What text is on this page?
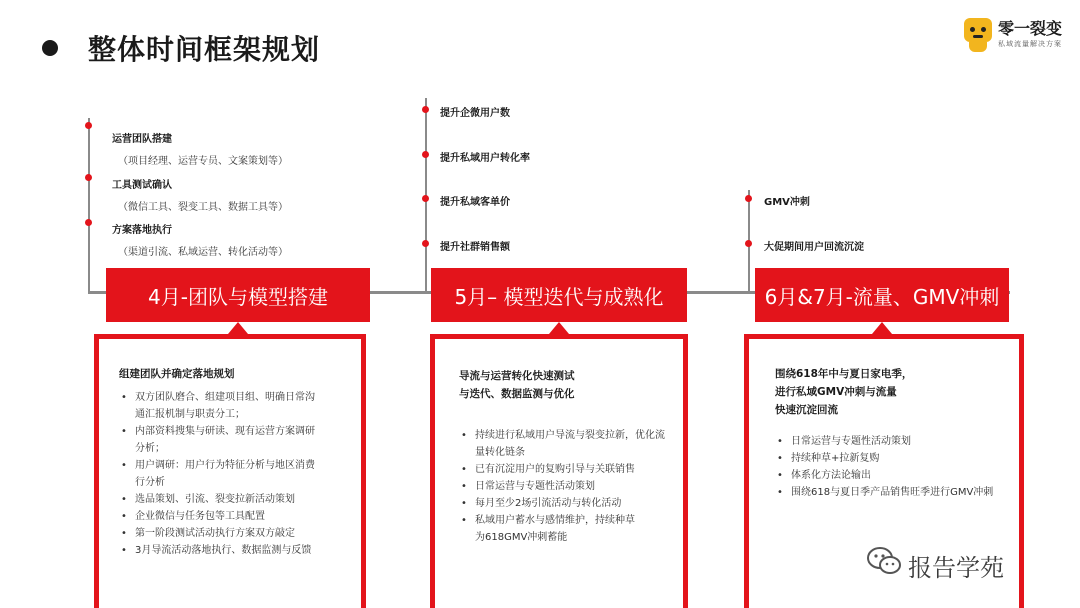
整体时间框架规划
零一裂变
私域流量解决方案
运营团队搭建
（项目经理、运营专员、文案策划等）
工具测试确认
（微信工具、裂变工具、数据工具等）
方案落地执行
（渠道引流、私域运营、转化活动等）
提升企微用户数
提升私域用户转化率
提升私域客单价
提升社群销售额
GMV冲刺
大促期间用户回流沉淀
4月-团队与模型搭建	5月– 模型迭代与成熟化	6月&7月-流量、GMV冲刺
组建团队并确定落地规划
• 双方团队磨合、组建项目组、明确日常沟
通汇报机制与职责分工；
• 内部资料搜集与研读、现有运营方案调研
分析；
• 用户调研：用户行为特征分析与地区消费
行分析
• 选品策划、引流、裂变拉新活动策划
• 企业微信与任务包等工具配置
• 第一阶段测试活动执行方案双方敲定
• 3月导流活动落地执行、数据监测与反馈
导流与运营转化快速测试
与迭代、数据监测与优化
• 持续进行私域用户导流与裂变拉新，优化流
量转化链条
• 已有沉淀用户的复购引导与关联销售
• 日常运营与专题性活动策划
• 每月至少2场引流活动与转化活动
• 私域用户蓄水与感情维护，持续种草
为618GMV冲刺蓄能
围绕618年中与夏日家电季，
进行私域GMV冲刺与流量
快速沉淀回流
• 日常运营与专题性活动策划
• 持续种草+拉新复购
• 体系化方法论输出
• 围绕618与夏日季产品销售旺季进行GMV冲刺
报告学苑
